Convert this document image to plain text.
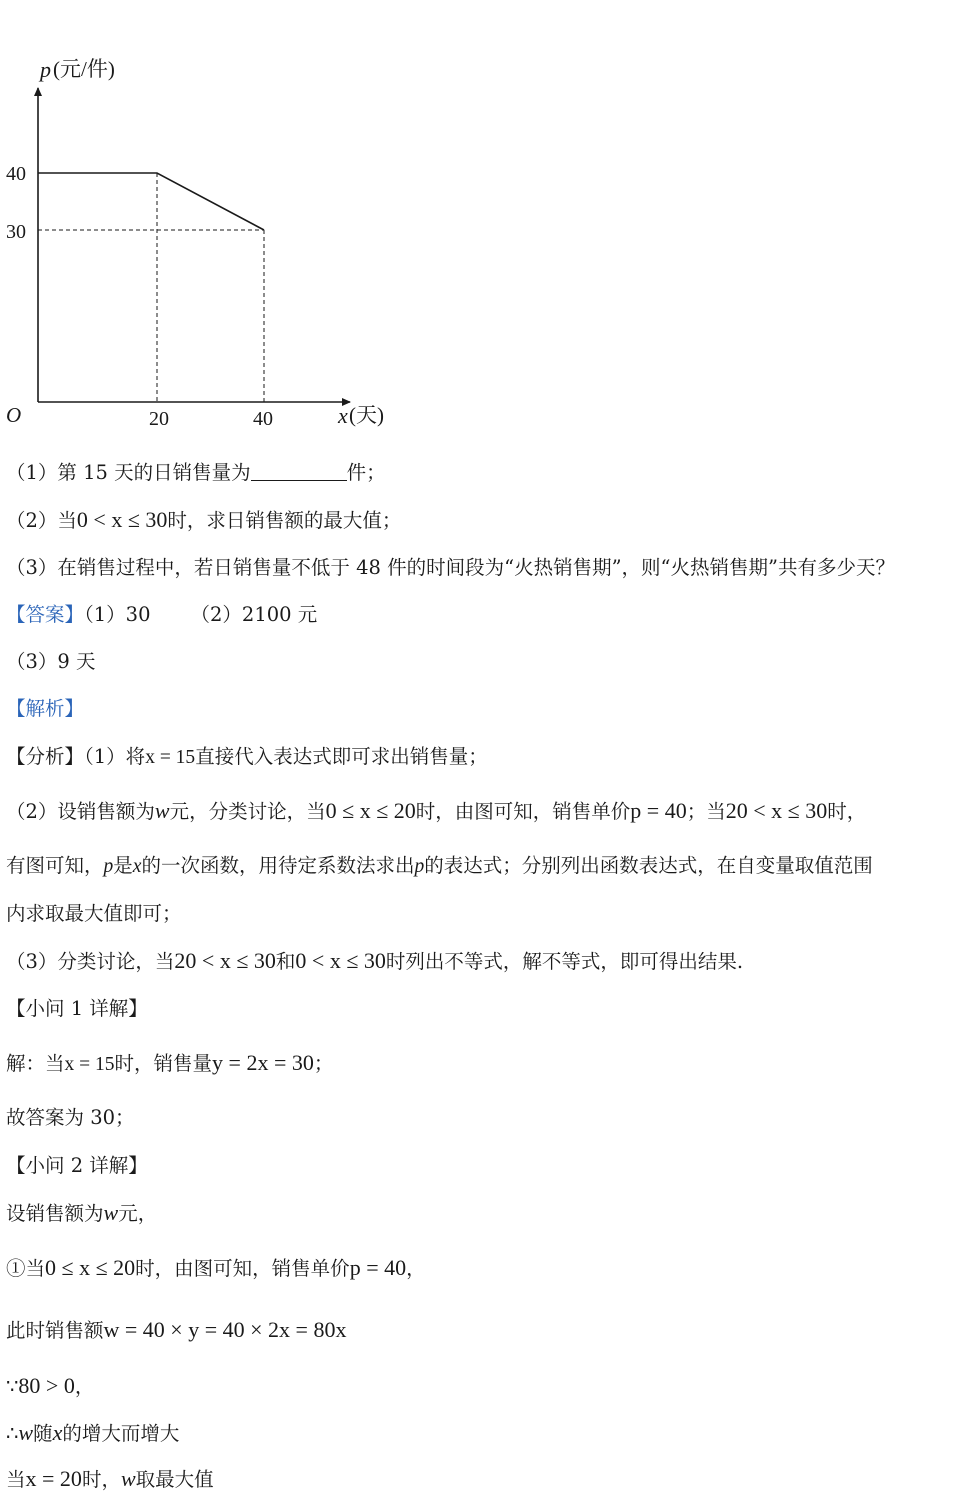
p (元/件)
40
30
O	20	40	x (天)
（1）第 15 天的日销售量为	件；
（2）当0 < x ≤ 30时，求日销售额的最大值；
（3）在销售过程中，若日销售量不低于 48 件的时间段为“火热销售期”，则“火热销售期”共有多少天？
【答案】（1）30 （2）2100 元
（3）9 天
【解析】
【分析】（1）将x = 15直接代入表达式即可求出销售量；
（2）设销售额为w元，分类讨论，当0 ≤ x ≤ 20时，由图可知，销售单价p = 40；当20 < x ≤ 30时，
有图可知，p是x的一次函数，用待定系数法求出p的表达式；分别列出函数表达式，在自变量取值范围
内求取最大值即可；
（3）分类讨论，当20 < x ≤ 30和0 < x ≤ 30时列出不等式，解不等式，即可得出结果.
【小问 1 详解】
解：当x = 15时，销售量y = 2x = 30；
故答案为 30；
【小问 2 详解】
设销售额为w元，
①当0 ≤ x ≤ 20时，由图可知，销售单价p = 40，
此时销售额w = 40 × y = 40 × 2x = 80x
∵80 > 0，
∴w随x的增大而增大
当x = 20时，w取最大值
